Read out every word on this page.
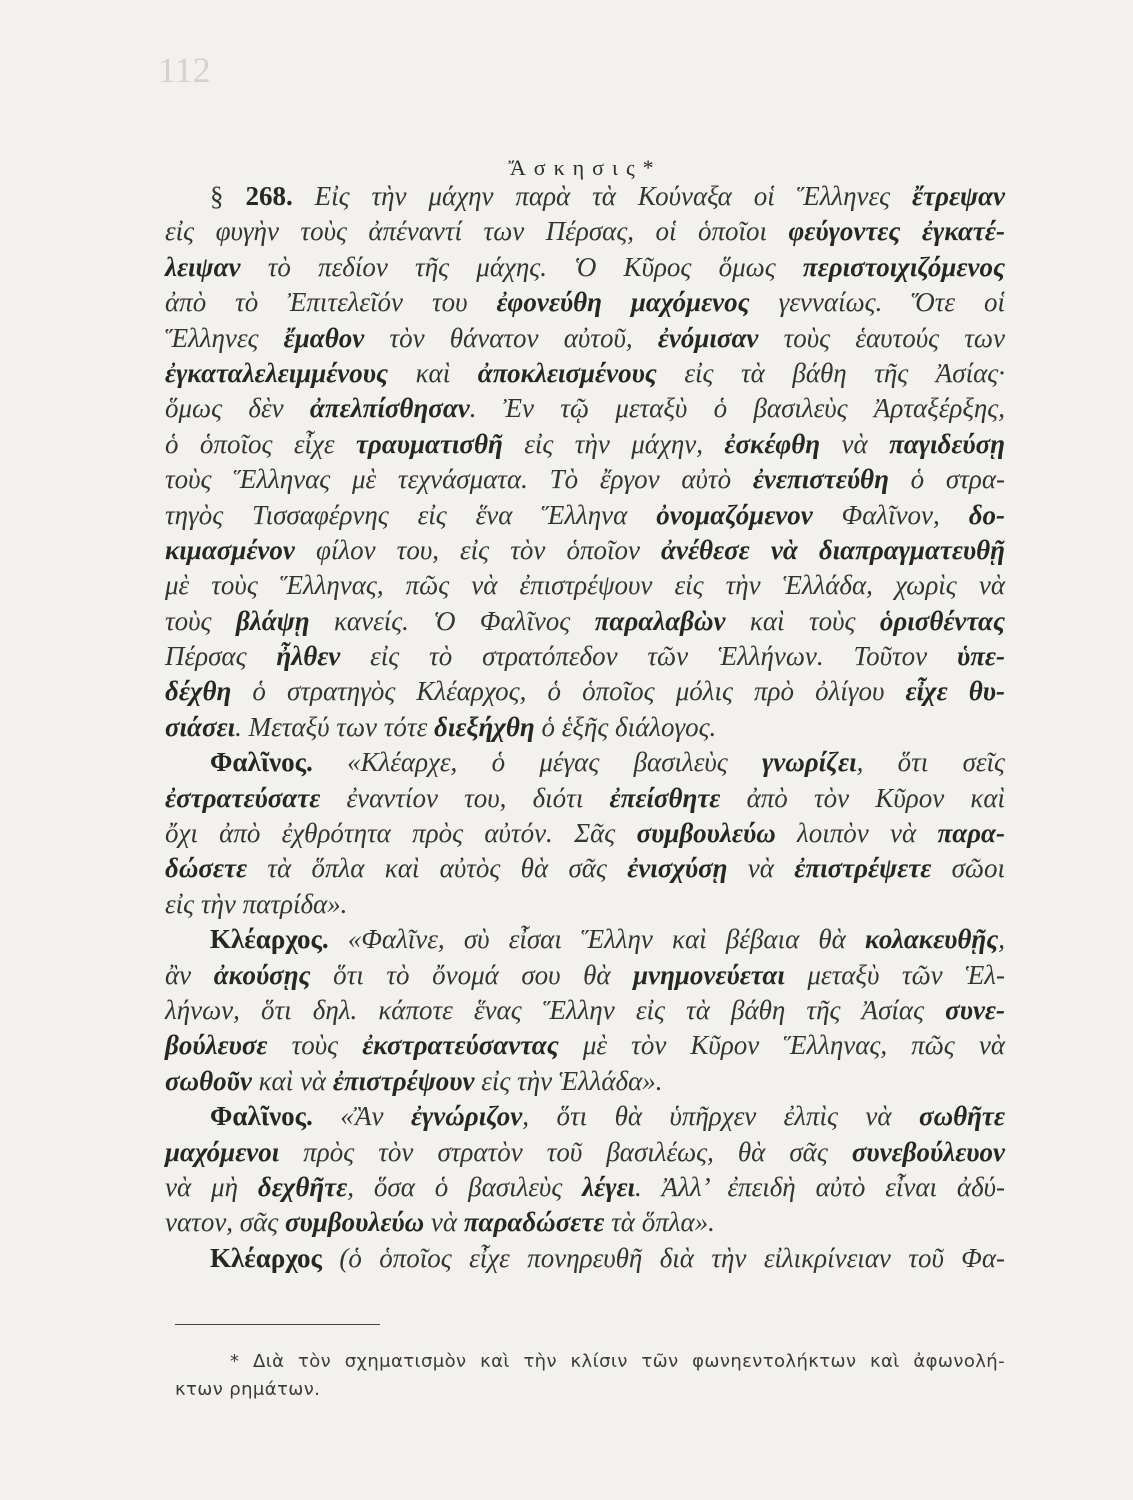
112
Ἄσκησις*
§ 268. Εἰς τὴν μάχην παρὰ τὰ Κούναξα οἱ Ἕλληνες ἔτρεψαν
εἰς φυγὴν τοὺς ἀπέναντί των Πέρσας, οἱ ὁποῖοι φεύγοντες ἐγκατέ-
λειψαν τὸ πεδίον τῆς μάχης. Ὁ Κῦρος ὅμως περιστοιχιζόμενος
ἀπὸ τὸ Ἐπιτελεῖόν του ἐφονεύθη μαχόμενος γενναίως. Ὅτε οἱ
Ἕλληνες ἔμαθον τὸν θάνατον αὐτοῦ, ἐνόμισαν τοὺς ἑαυτούς των
ἐγκαταλελειμμένους καὶ ἀποκλεισμένους εἰς τὰ βάθη τῆς Ἀσίας·
ὅμως δὲν ἀπελπίσθησαν. Ἐν τῷ μεταξὺ ὁ βασιλεὺς Ἀρταξέρξης,
ὁ ὁποῖος εἶχε τραυματισθῆ εἰς τὴν μάχην, ἐσκέφθη νὰ παγιδεύσῃ
τοὺς Ἕλληνας μὲ τεχνάσματα. Τὸ ἔργον αὐτὸ ἐνεπιστεύθη ὁ στρα-
τηγὸς Τισσαφέρνης εἰς ἕνα Ἕλληνα ὀνομαζόμενον Φαλῖνον, δο-
κιμασμένον φίλον του, εἰς τὸν ὁποῖον ἀνέθεσε νὰ διαπραγματευθῇ
μὲ τοὺς Ἕλληνας, πῶς νὰ ἐπιστρέψουν εἰς τὴν Ἑλλάδα, χωρὶς νὰ
τοὺς βλάψῃ κανείς. Ὁ Φαλῖνος παραλαβὼν καὶ τοὺς ὁρισθέντας
Πέρσας ἦλθεν εἰς τὸ στρατόπεδον τῶν Ἑλλήνων. Τοῦτον ὑπε-
δέχθη ὁ στρατηγὸς Κλέαρχος, ὁ ὁποῖος μόλις πρὸ ὀλίγου εἶχε θυ-
σιάσει. Μεταξύ των τότε διεξήχθη ὁ ἑξῆς διάλογος.
Φαλῖνος. «Κλέαρχε, ὁ μέγας βασιλεὺς γνωρίζει, ὅτι σεῖς
ἐστρατεύσατε ἐναντίον του, διότι ἐπείσθητε ἀπὸ τὸν Κῦρον καὶ
ὄχι ἀπὸ ἐχθρότητα πρὸς αὐτόν. Σᾶς συμβουλεύω λοιπὸν νὰ παρα-
δώσετε τὰ ὅπλα καὶ αὐτὸς θὰ σᾶς ἐνισχύσῃ νὰ ἐπιστρέψετε σῶοι
εἰς τὴν πατρίδα».
Κλέαρχος. «Φαλῖνε, σὺ εἶσαι Ἕλλην καὶ βέβαια θὰ κολακευθῇς,
ἂν ἀκούσῃς ὅτι τὸ ὄνομά σου θὰ μνημονεύεται μεταξὺ τῶν Ἑλ-
λήνων, ὅτι δηλ. κάποτε ἕνας Ἕλλην εἰς τὰ βάθη τῆς Ἀσίας συνε-
βούλευσε τοὺς ἐκστρατεύσαντας μὲ τὸν Κῦρον Ἕλληνας, πῶς νὰ
σωθοῦν καὶ νὰ ἐπιστρέψουν εἰς τὴν Ἑλλάδα».
Φαλῖνος. «Ἂν ἐγνώριζον, ὅτι θὰ ὑπῆρχεν ἐλπὶς νὰ σωθῆτε
μαχόμενοι πρὸς τὸν στρατὸν τοῦ βασιλέως, θὰ σᾶς συνεβούλευον
νὰ μὴ δεχθῆτε, ὅσα ὁ βασιλεὺς λέγει. Ἀλλ’ ἐπειδὴ αὐτὸ εἶναι ἀδύ-
νατον, σᾶς συμβουλεύω νὰ παραδώσετε τὰ ὅπλα».
Κλέαρχος (ὁ ὁποῖος εἶχε πονηρευθῆ διὰ τὴν εἰλικρίνειαν τοῦ Φα-
* Διὰ τὸν σχηματισμὸν καὶ τὴν κλίσιν τῶν φωνηεντολήκτων καὶ ἀφωνολή-
κτων ρημάτων.
